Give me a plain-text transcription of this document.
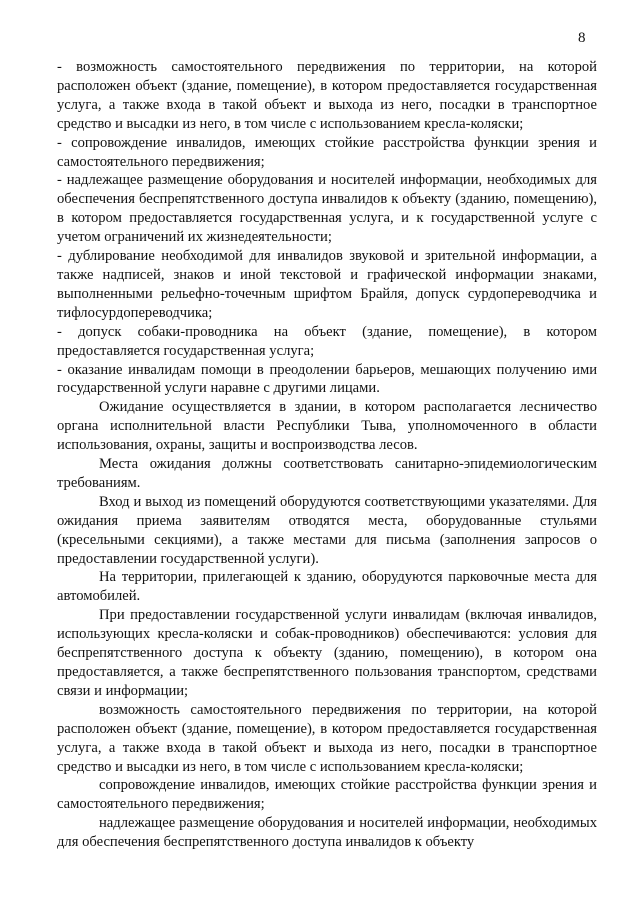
8

- возможность самостоятельного передвижения по территории, на которой расположен объект (здание, помещение), в котором предоставляется государственная услуга, а также входа в такой объект и выхода из него, посадки в транспортное средство и высадки из него, в том числе с использованием кресла-коляски;

- сопровождение инвалидов, имеющих стойкие расстройства функции зрения и самостоятельного передвижения;

- надлежащее размещение оборудования и носителей информации, необходимых для обеспечения беспрепятственного доступа инвалидов к объекту (зданию, помещению), в котором предоставляется государственная услуга, и к государственной услуге с учетом ограничений их жизнедеятельности;

- дублирование необходимой для инвалидов звуковой и зрительной информации, а также надписей, знаков и иной текстовой и графической информации знаками, выполненными рельефно-точечным шрифтом Брайля, допуск сурдопереводчика и тифлосурдопереводчика;

- допуск собаки-проводника на объект (здание, помещение), в котором предоставляется государственная услуга;

- оказание инвалидам помощи в преодолении барьеров, мешающих получению ими государственной услуги наравне с другими лицами.

Ожидание осуществляется в здании, в котором располагается лесничество органа исполнительной власти Республики Тыва, уполномоченного в области использования, охраны, защиты и воспроизводства лесов.

Места ожидания должны соответствовать санитарно-эпидемиологическим требованиям.

Вход и выход из помещений оборудуются соответствующими указателями. Для ожидания приема заявителям отводятся места, оборудованные стульями (кресельными секциями), а также местами для письма (заполнения запросов о предоставлении государственной услуги).

На территории, прилегающей к зданию, оборудуются парковочные места для автомобилей.

При предоставлении государственной услуги инвалидам (включая инвалидов, использующих кресла-коляски и собак-проводников) обеспечиваются: условия для беспрепятственного доступа к объекту (зданию, помещению), в котором она предоставляется, а также беспрепятственного пользования транспортом, средствами связи и информации;

возможность самостоятельного передвижения по территории, на которой расположен объект (здание, помещение), в котором предоставляется государственная услуга, а также входа в такой объект и выхода из него, посадки в транспортное средство и высадки из него, в том числе с использованием кресла-коляски;

сопровождение инвалидов, имеющих стойкие расстройства функции зрения и самостоятельного передвижения;

надлежащее размещение оборудования и носителей информации, необходимых для обеспечения беспрепятственного доступа инвалидов к объекту
